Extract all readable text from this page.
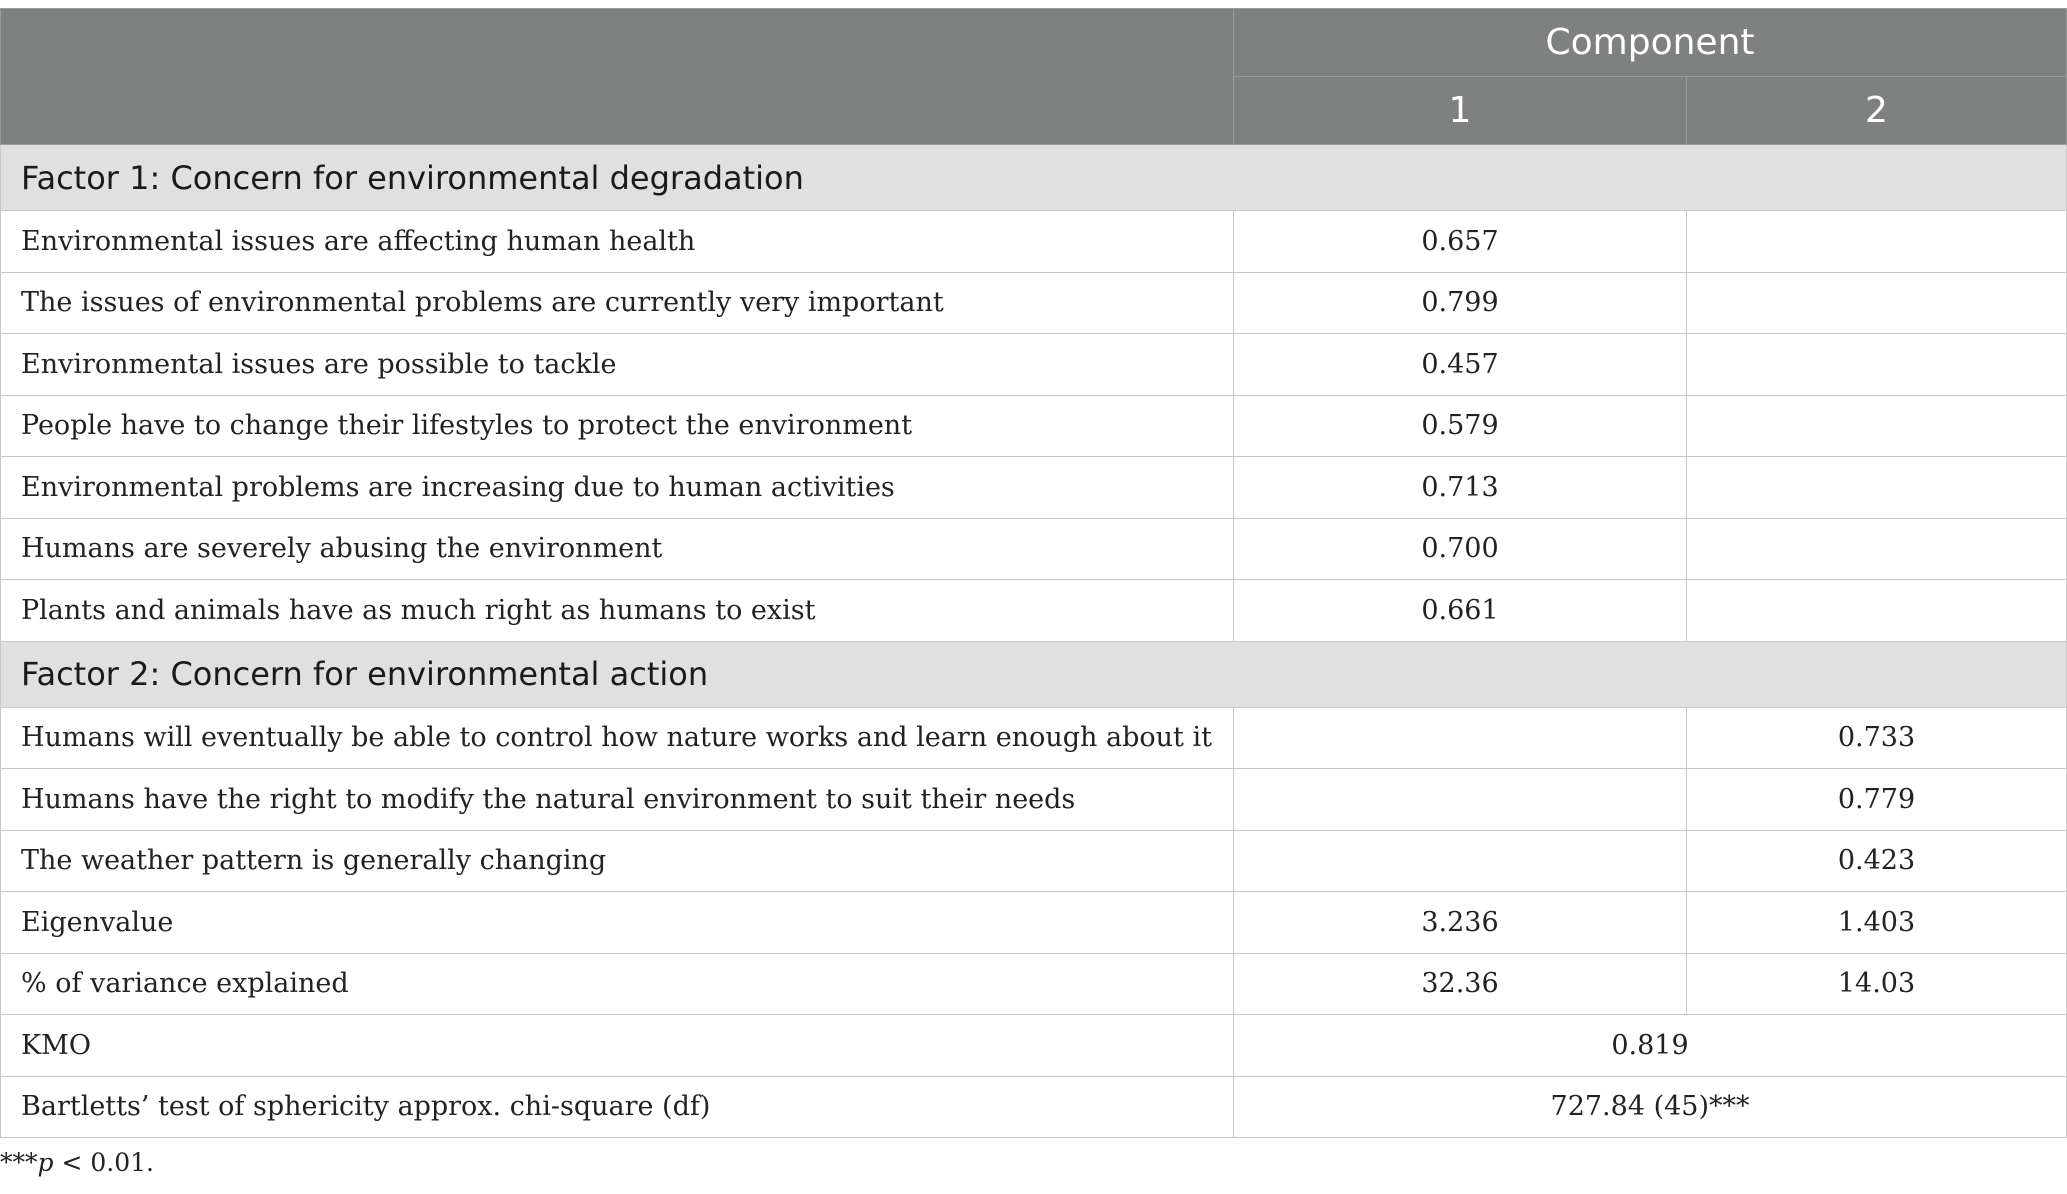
	Component	
	1	2
Factor 1: Concern for environmental degradation		
Environmental issues are affecting human health	0.657	
The issues of environmental problems are currently very important	0.799	
Environmental issues are possible to tackle	0.457	
People have to change their lifestyles to protect the environment	0.579	
Environmental problems are increasing due to human activities	0.713	
Humans are severely abusing the environment	0.700	
Plants and animals have as much right as humans to exist	0.661	
Factor 2: Concern for environmental action		
Humans will eventually be able to control how nature works and learn enough about it		0.733
Humans have the right to modify the natural environment to suit their needs		0.779
The weather pattern is generally changing		0.423
Eigenvalue	3.236	1.403
% of variance explained	32.36	14.03
KMO	0.819	
Bartletts’ test of sphericity approx. chi-square (df)	727.84 (45)***	
***p < 0.01.
